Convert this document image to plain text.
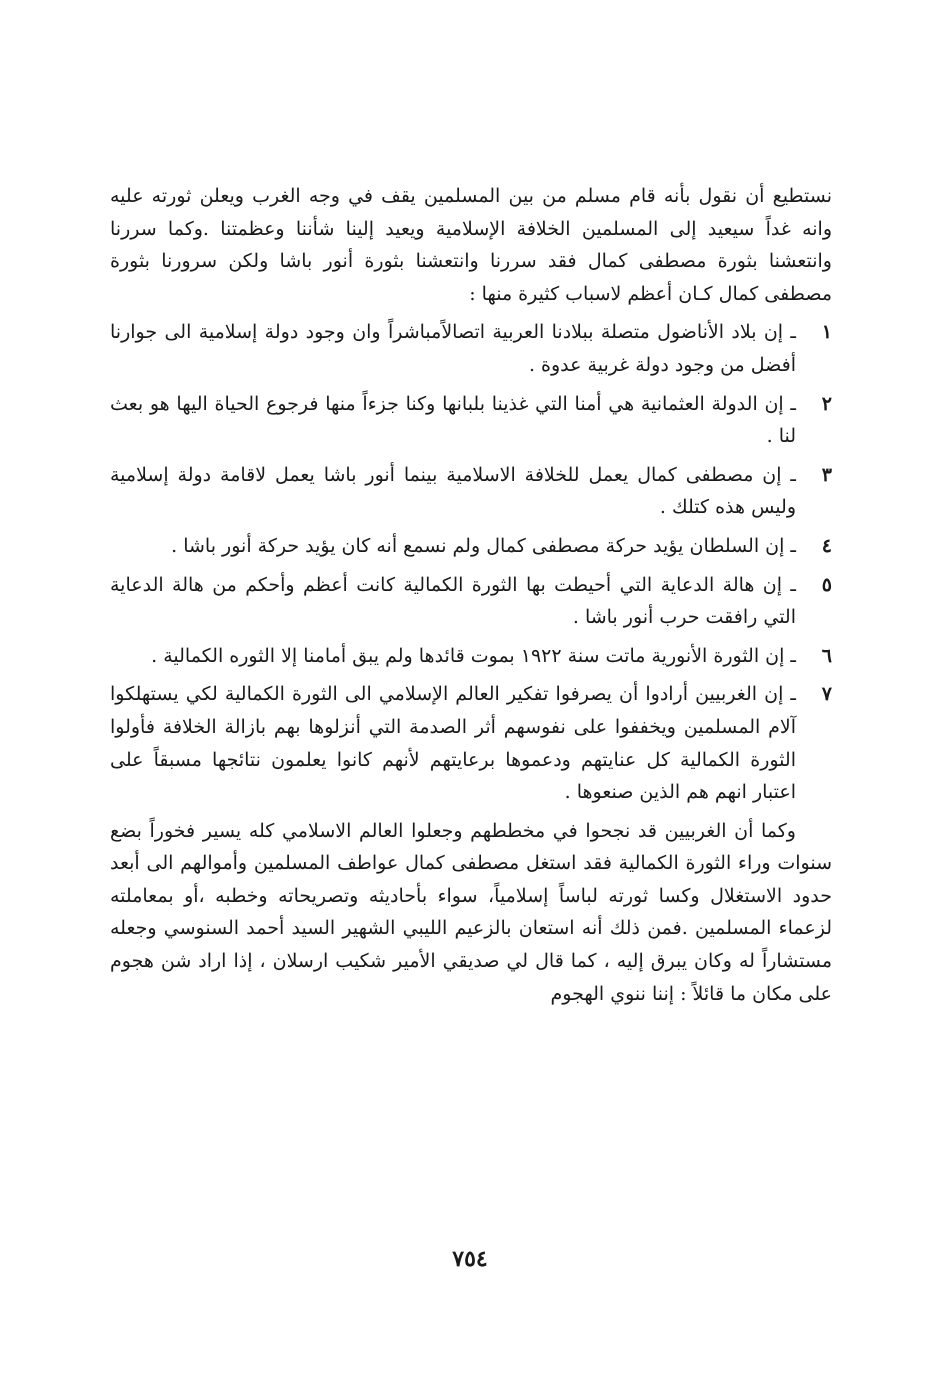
نستطيع أن نقول بأنه قام مسلم من بين المسلمين يقف في وجه الغرب ويعلن ثورته عليه وانه غداً سيعيد إلى المسلمين الخلافة الإسلامية ويعيد إلينا شأننا وعظمتنا .وكما سررنا وانتعشنا بثورة مصطفى كمال فقد سررنا وانتعشنا بثورة أنور باشا ولكن سرورنا بثورة مصطفى كمال كـان أعظم لاسباب كثيرة منها :

١
ـ إن بلاد الأناضول متصلة ببلادنا العربية اتصالاًمباشراً وان وجود دولة إسلامية الى جوارنا أفضل من وجود دولة غربية عدوة .
٢
ـ إن الدولة العثمانية هي أمنا التي غذينا بلبانها وكنا جزءاً منها فرجوع الحياة اليها هو بعث لنا .
٣
ـ إن مصطفى كمال يعمل للخلافة الاسلامية بينما أنور باشا يعمل لاقامة دولة إسلامية وليس هذه كتلك .
٤
ـ إن السلطان يؤيد حركة مصطفى كمال ولم نسمع أنه كان يؤيد حركة أنور باشا .
٥
ـ إن هالة الدعاية التي أحيطت بها الثورة الكمالية كانت أعظم وأحكم من هالة الدعاية التي رافقت حرب أنور باشا .
٦
ـ إن الثورة الأنورية ماتت سنة ١٩٢٢ بموت قائدها ولم يبق أمامنا إلا الثوره الكمالية .
٧
ـ إن الغربيين أرادوا أن يصرفوا تفكير العالم الإسلامي الى الثورة الكمالية لكي يستهلكوا آلام المسلمين ويخففوا على نفوسهم أثر الصدمة التي أنزلوها بهم بازالة الخلافة فأولوا الثورة الكمالية كل عنايتهم ودعموها برعايتهم لأنهم كانوا يعلمون نتائجها مسبقاً على اعتبار انهم هم الذين صنعوها .

وكما أن الغربيين قد نجحوا في مخططهم وجعلوا العالم الاسلامي كله يسير فخوراً بضع سنوات وراء الثورة الكمالية فقد استغل مصطفى كمال عواطف المسلمين وأموالهم الى أبعد حدود الاستغلال وكسا ثورته لباساً إسلامياً، سواء بأحاديثه وتصريحاته وخطبه ،أو بمعاملته لزعماء المسلمين .فمن ذلك أنه استعان بالزعيم الليبي الشهير السيد أحمد السنوسي وجعله مستشاراً له وكان يبرق إليه ، كما قال لي صديقي الأمير شكيب ارسلان ، إذا اراد شن هجوم على مكان ما قائلاً : إننا ننوي الهجوم

٧٥٤
